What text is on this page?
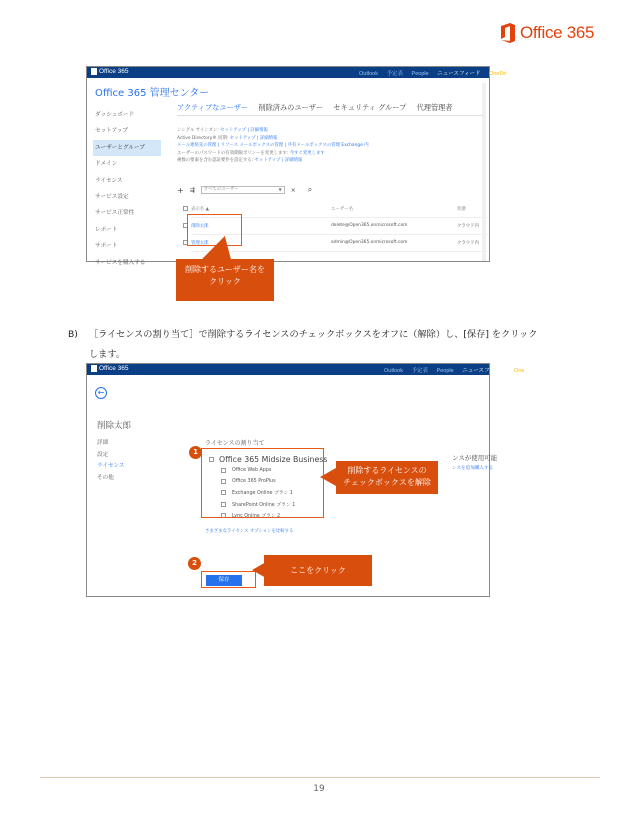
Office 365
Office 365	Outlook 予定表 People ニュースフィード OneDri
Office 365 管理センター
ダッシュボード
セットアップ
ユーザーとグループ
ドメイン
ライセンス
サービス設定
サービス正常性
レポート
サポート
サービスを購入する
アクティブなユーザー 削除済みのユーザー セキュリティ グループ 代理管理者
シングル サインオン: セットアップ | 詳細情報
Active Directory® 同期: セットアップ | 詳細情報
メール連絡先の管理 | リソース メールボックスの管理 | 共有メールボックスの管理 Exchange 内
ユーザーのパスワードの有効期限ポリシーを変更します: 今すぐ変更します
複数の要素を含む認証要件を設定する: セットアップ | 詳細情報
+ ⇶	すべてのユーザー	▼ × ⌕
表示名 ▲	ユーザー名	状態
削除太郎	delete@Open365.onmicrosoft.com	クラウド内
管理太郎	admin@Open365.onmicrosoft.com	クラウド内
削除するユーザー名を
クリック
B) ［ライセンスの割り当て］で削除するライセンスのチェックボックスをオフに（解除）し、[保存] をクリック
します。
Office 365	Outlook 予定表 People ニュースフィード One
←
削除太郎
詳細
設定
ライセンス
その他
ライセンスの割り当て
Office 365 Midsize Business
Office Web Apps
Office 365 ProPlus
Exchange Online プラン 1
SharePoint Online プラン 1
Lync Online プラン 2
ンスが使用可能
ンスを追加購入する
さまざまなライセンス オプションを比較する
保存
1
2
削除するライセンスの
チェックボックスを解除
ここをクリック
19
